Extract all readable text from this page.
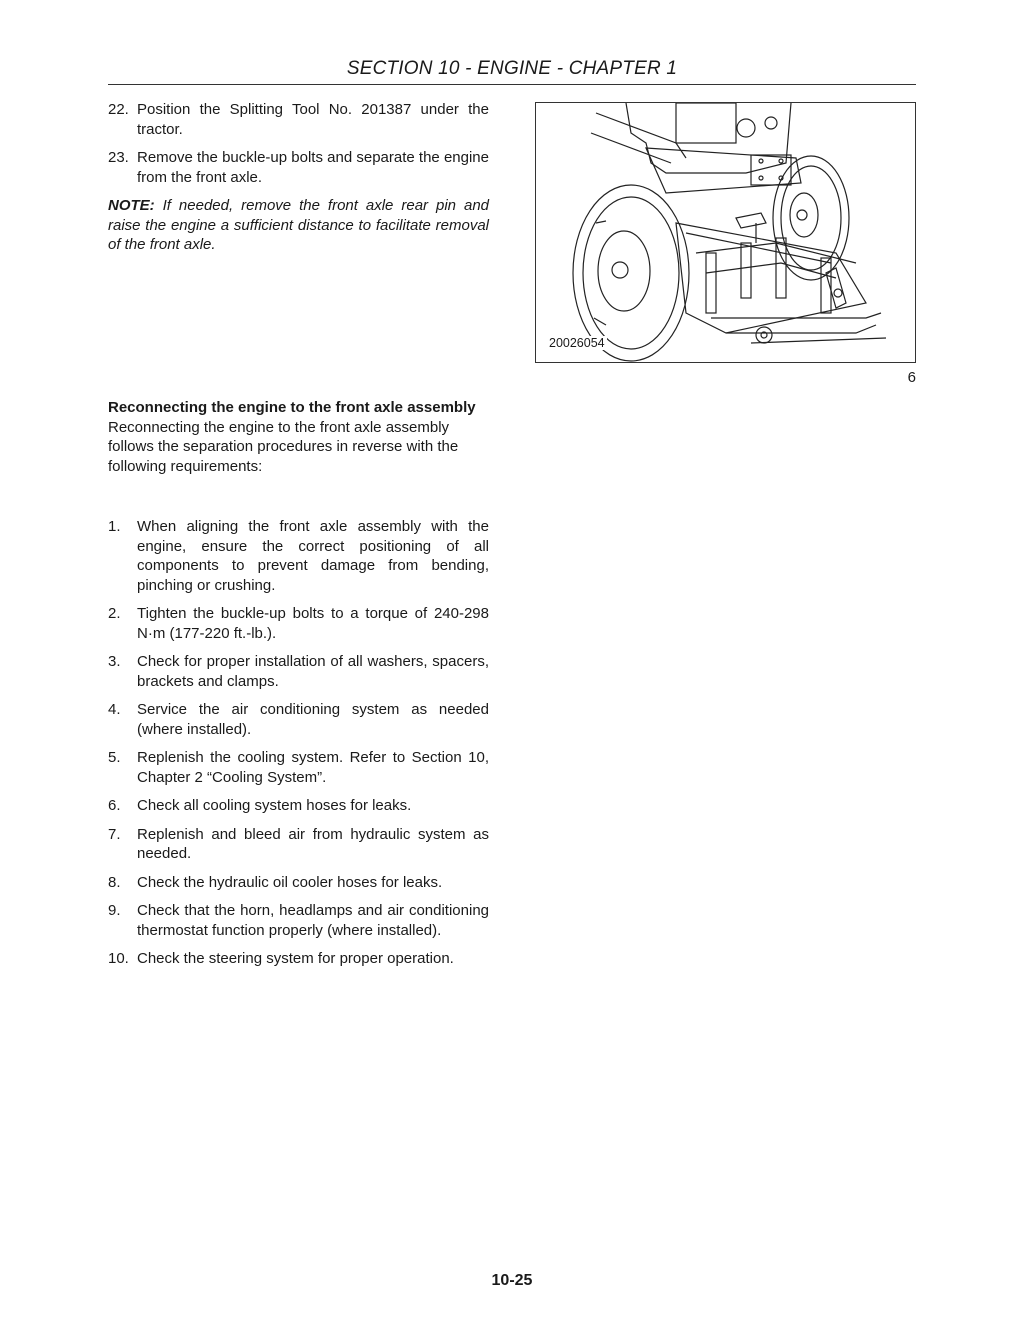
SECTION 10 - ENGINE - CHAPTER 1
22. Position the Splitting Tool No. 201387 under the tractor.
23. Remove the buckle-up bolts and separate the engine from the front axle.
NOTE: If needed, remove the front axle rear pin and raise the engine a sufficient distance to facilitate removal of the front axle.
20026054
6
Reconnecting the engine to the front axle assembly
Reconnecting the engine to the front axle assembly follows the separation procedures in reverse with the following requirements:
1.	When aligning the front axle assembly with the engine, ensure the correct positioning of all components to prevent damage from bending, pinching or crushing.
2.	Tighten the buckle-up bolts to a torque of 240-298 N·m (177-220 ft.-lb.).
3.	Check for proper installation of all washers, spacers, brackets and clamps.
4.	Service the air conditioning system as needed (where installed).
5.	Replenish the cooling system. Refer to Section 10, Chapter 2 “Cooling System”.
6.	Check all cooling system hoses for leaks.
7.	Replenish and bleed air from hydraulic system as needed.
8.	Check the hydraulic oil cooler hoses for leaks.
9.	Check that the horn, headlamps and air conditioning thermostat function properly (where installed).
10. Check the steering system for proper operation.
10-25
